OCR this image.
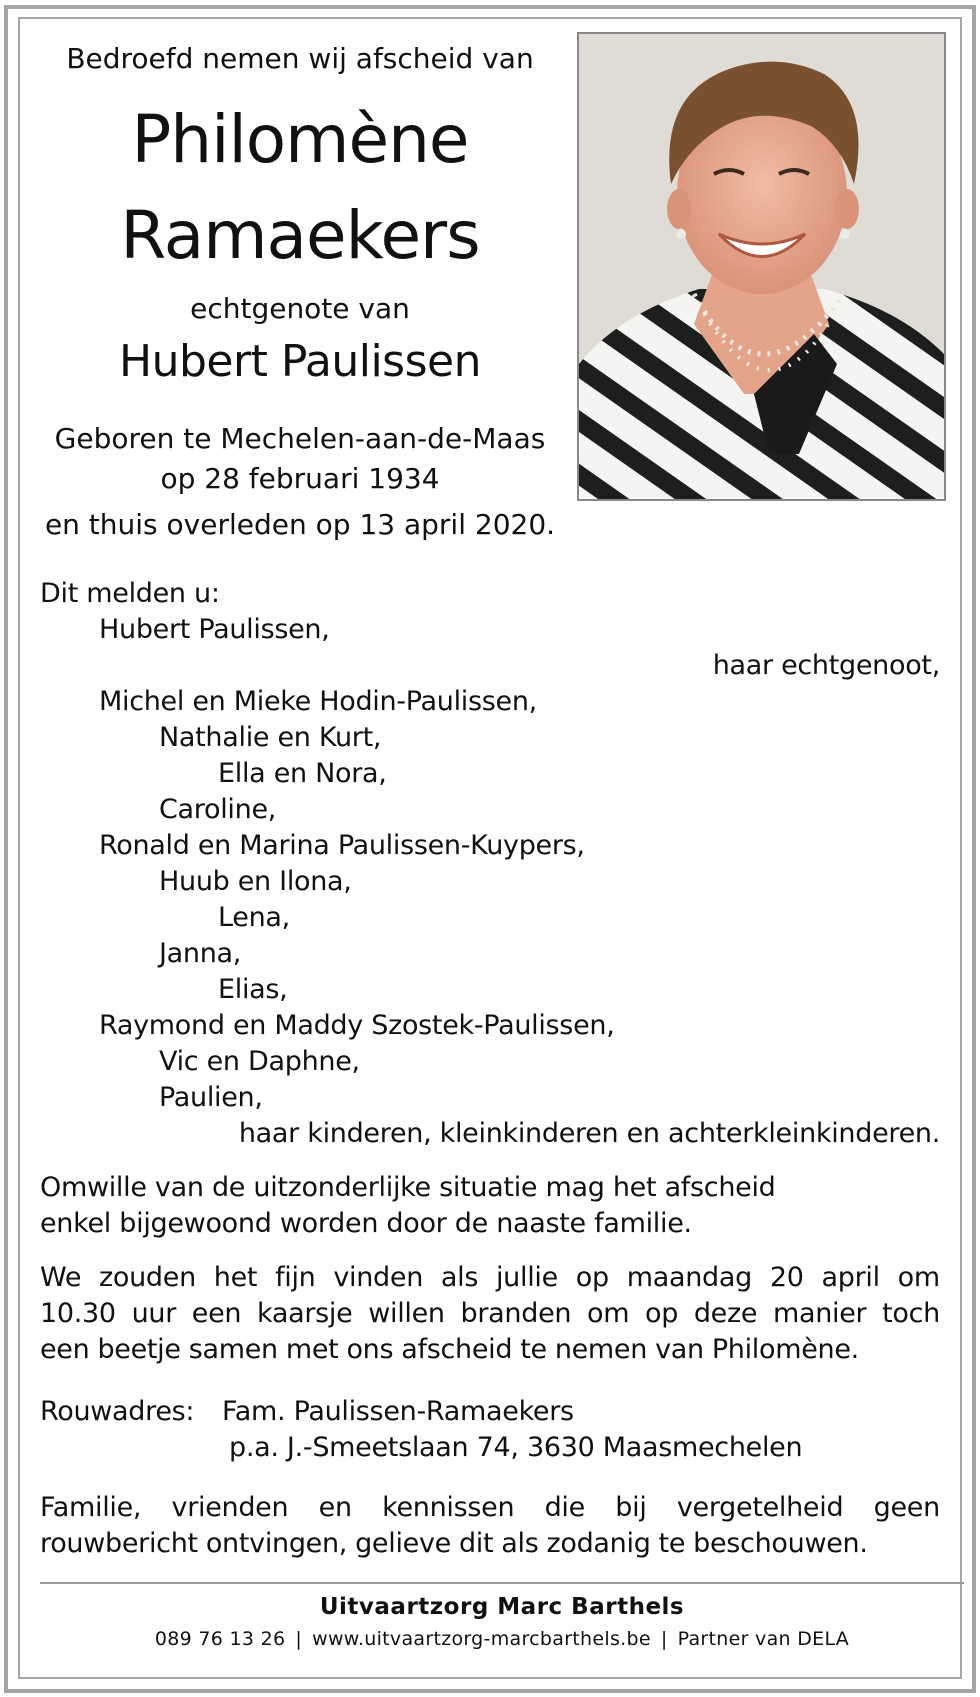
Bedroefd nemen wij afscheid van
Philomène
Ramaekers
echtgenote van
Hubert Paulissen
Geboren te Mechelen-aan-de-Maas
op 28 februari 1934
en thuis overleden op 13 april 2020.
Dit melden u:
Hubert Paulissen,
haar echtgenoot,
Michel en Mieke Hodin-Paulissen,
Nathalie en Kurt,
Ella en Nora,
Caroline,
Ronald en Marina Paulissen-Kuypers,
Huub en Ilona,
Lena,
Janna,
Elias,
Raymond en Maddy Szostek-Paulissen,
Vic en Daphne,
Paulien,
haar kinderen, kleinkinderen en achterkleinkinderen.
Omwille van de uitzonderlijke situatie mag het afscheid
enkel bijgewoond worden door de naaste familie.
We zouden het fijn vinden als jullie op maandag 20 april om
10.30 uur een kaarsje willen branden om op deze manier toch
een beetje samen met ons afscheid te nemen van Philomène.
Rouwadres: Fam. Paulissen-Ramaekers
p.a. J.-Smeetslaan 74, 3630 Maasmechelen
Familie, vrienden en kennissen die bij vergetelheid geen
rouwbericht ontvingen, gelieve dit als zodanig te beschouwen.
Uitvaartzorg Marc Barthels
089 76 13 26 | www.uitvaartzorg-marcbarthels.be | Partner van DELA
